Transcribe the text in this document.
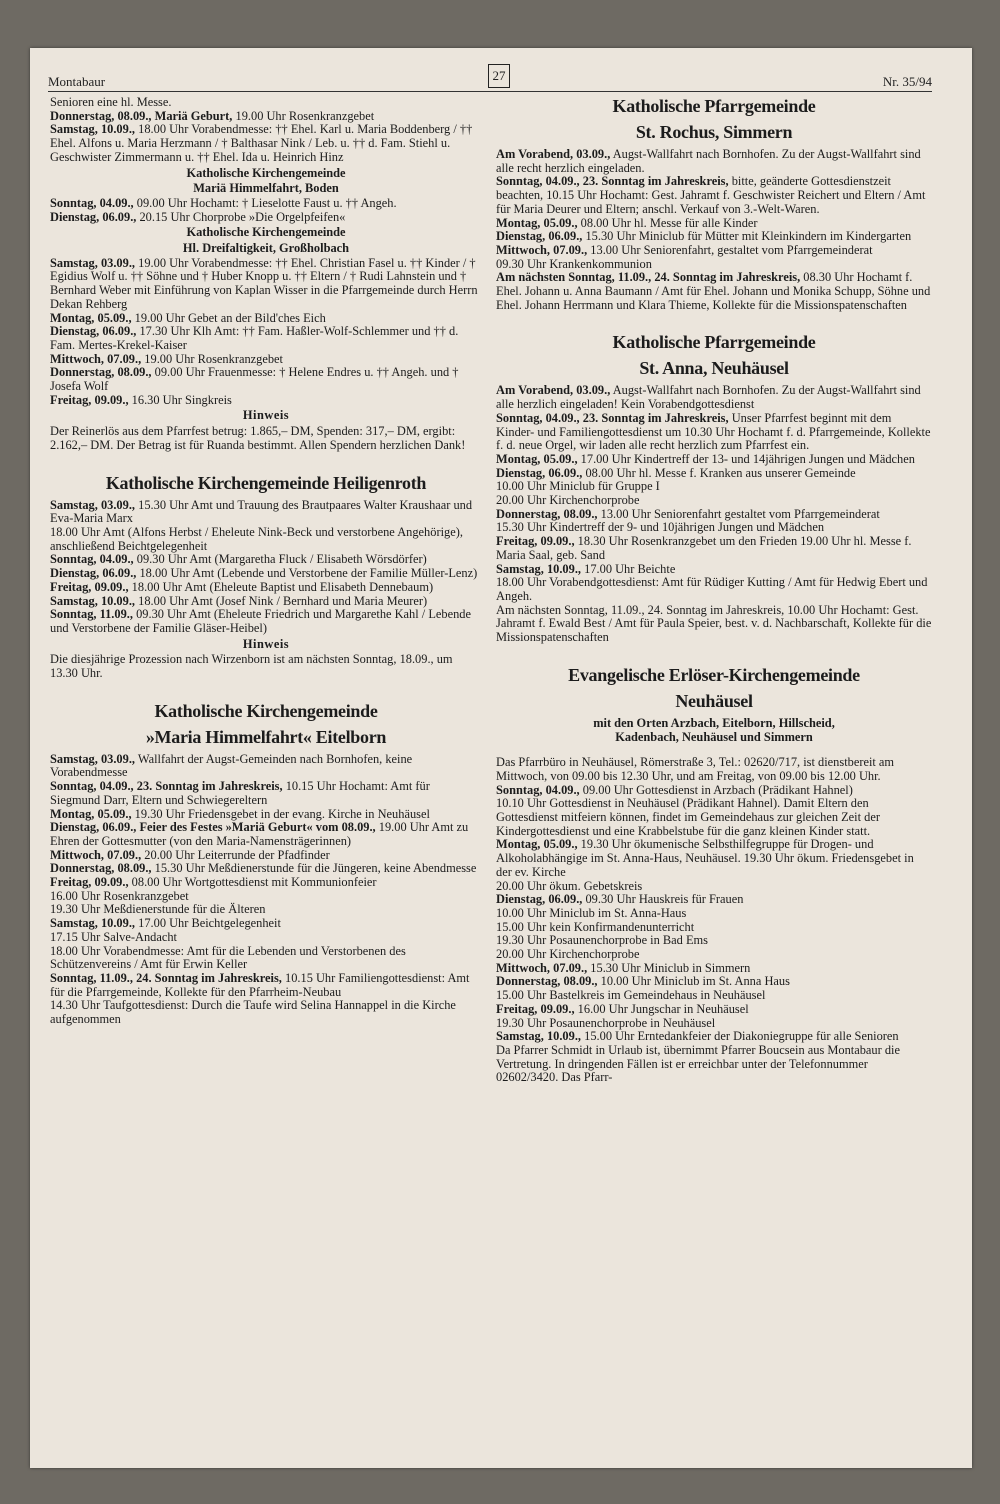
Montabaur	27	Nr. 35/94

Senioren eine hl. Messe.

Donnerstag, 08.09., Mariä Geburt, 19.00 Uhr Rosenkranzgebet

Samstag, 10.09., 18.00 Uhr Vorabendmesse: †† Ehel. Karl u. Maria Boddenberg / †† Ehel. Alfons u. Maria Herzmann / † Balthasar Nink / Leb. u. †† d. Fam. Stiehl u. Geschwister Zimmermann u. †† Ehel. Ida u. Heinrich Hinz

Katholische Kirchengemeinde
Mariä Himmelfahrt, Boden

Sonntag, 04.09., 09.00 Uhr Hochamt: † Lieselotte Faust u. †† Angeh.

Dienstag, 06.09., 20.15 Uhr Chorprobe »Die Orgelpfeifen«

Katholische Kirchengemeinde
Hl. Dreifaltigkeit, Großholbach

Samstag, 03.09., 19.00 Uhr Vorabendmesse: †† Ehel. Christian Fasel u. †† Kinder / † Egidius Wolf u. †† Söhne und † Huber Knopp u. †† Eltern / † Rudi Lahnstein und † Bernhard Weber mit Einführung von Kaplan Wisser in die Pfarrgemeinde durch Herrn Dekan Rehberg

Montag, 05.09., 19.00 Uhr Gebet an der Bild'ches Eich

Dienstag, 06.09., 17.30 Uhr Klh Amt: †† Fam. Haßler-Wolf-Schlemmer und †† d. Fam. Mertes-Krekel-Kaiser

Mittwoch, 07.09., 19.00 Uhr Rosenkranzgebet

Donnerstag, 08.09., 09.00 Uhr Frauenmesse: † Helene Endres u. †† Angeh. und † Josefa Wolf

Freitag, 09.09., 16.30 Uhr Singkreis

Hinweis

Der Reinerlös aus dem Pfarrfest betrug: 1.865,– DM, Spenden: 317,– DM, ergibt: 2.162,– DM. Der Betrag ist für Ruanda bestimmt. Allen Spendern herzlichen Dank!

Katholische Kirchengemeinde Heiligenroth

Samstag, 03.09., 15.30 Uhr Amt und Trauung des Brautpaares Walter Kraushaar und Eva-Maria Marx

18.00 Uhr Amt (Alfons Herbst / Eheleute Nink-Beck und verstorbene Angehörige), anschließend Beichtgelegenheit

Sonntag, 04.09., 09.30 Uhr Amt (Margaretha Fluck / Elisabeth Wörsdörfer)

Dienstag, 06.09., 18.00 Uhr Amt (Lebende und Verstorbene der Familie Müller-Lenz)

Freitag, 09.09., 18.00 Uhr Amt (Eheleute Baptist und Elisabeth Dennebaum)

Samstag, 10.09., 18.00 Uhr Amt (Josef Nink / Bernhard und Maria Meurer)

Sonntag, 11.09., 09.30 Uhr Amt (Eheleute Friedrich und Margarethe Kahl / Lebende und Verstorbene der Familie Gläser-Heibel)

Hinweis

Die diesjährige Prozession nach Wirzenborn ist am nächsten Sonntag, 18.09., um 13.30 Uhr.

Katholische Kirchengemeinde
»Maria Himmelfahrt« Eitelborn

Samstag, 03.09., Wallfahrt der Augst-Gemeinden nach Bornhofen, keine Vorabendmesse

Sonntag, 04.09., 23. Sonntag im Jahreskreis, 10.15 Uhr Hochamt: Amt für Siegmund Darr, Eltern und Schwiegereltern

Montag, 05.09., 19.30 Uhr Friedensgebet in der evang. Kirche in Neuhäusel

Dienstag, 06.09., Feier des Festes »Mariä Geburt« vom 08.09., 19.00 Uhr Amt zu Ehren der Gottesmutter (von den Maria-Namensträgerinnen)

Mittwoch, 07.09., 20.00 Uhr Leiterrunde der Pfadfinder

Donnerstag, 08.09., 15.30 Uhr Meßdienerstunde für die Jüngeren, keine Abendmesse

Freitag, 09.09., 08.00 Uhr Wortgottesdienst mit Kommunionfeier

16.00 Uhr Rosenkranzgebet

19.30 Uhr Meßdienerstunde für die Älteren

Samstag, 10.09., 17.00 Uhr Beichtgelegenheit

17.15 Uhr Salve-Andacht

18.00 Uhr Vorabendmesse: Amt für die Lebenden und Verstorbenen des Schützenvereins / Amt für Erwin Keller

Sonntag, 11.09., 24. Sonntag im Jahreskreis, 10.15 Uhr Familiengottesdienst: Amt für die Pfarrgemeinde, Kollekte für den Pfarrheim-Neubau

14.30 Uhr Taufgottesdienst: Durch die Taufe wird Selina Hannappel in die Kirche aufgenommen

Katholische Pfarrgemeinde
St. Rochus, Simmern

Am Vorabend, 03.09., Augst-Wallfahrt nach Bornhofen. Zu der Augst-Wallfahrt sind alle recht herzlich eingeladen.

Sonntag, 04.09., 23. Sonntag im Jahreskreis, bitte, geänderte Gottesdienstzeit beachten, 10.15 Uhr Hochamt: Gest. Jahramt f. Geschwister Reichert und Eltern / Amt für Maria Deurer und Eltern; anschl. Verkauf von 3.-Welt-Waren.

Montag, 05.09., 08.00 Uhr hl. Messe für alle Kinder

Dienstag, 06.09., 15.30 Uhr Miniclub für Mütter mit Kleinkindern im Kindergarten

Mittwoch, 07.09., 13.00 Uhr Seniorenfahrt, gestaltet vom Pfarrgemeinderat

09.30 Uhr Krankenkommunion

Am nächsten Sonntag, 11.09., 24. Sonntag im Jahreskreis, 08.30 Uhr Hochamt f. Ehel. Johann u. Anna Baumann / Amt für Ehel. Johann und Monika Schupp, Söhne und Ehel. Johann Herrmann und Klara Thieme, Kollekte für die Missionspatenschaften

Katholische Pfarrgemeinde
St. Anna, Neuhäusel

Am Vorabend, 03.09., Augst-Wallfahrt nach Bornhofen. Zu der Augst-Wallfahrt sind alle herzlich eingeladen! Kein Vorabendgottesdienst

Sonntag, 04.09., 23. Sonntag im Jahreskreis, Unser Pfarrfest beginnt mit dem Kinder- und Familiengottesdienst um 10.30 Uhr Hochamt f. d. Pfarrgemeinde, Kollekte f. d. neue Orgel, wir laden alle recht herzlich zum Pfarrfest ein.

Montag, 05.09., 17.00 Uhr Kindertreff der 13- und 14jährigen Jungen und Mädchen

Dienstag, 06.09., 08.00 Uhr hl. Messe f. Kranken aus unserer Gemeinde

10.00 Uhr Miniclub für Gruppe I

20.00 Uhr Kirchenchorprobe

Donnerstag, 08.09., 13.00 Uhr Seniorenfahrt gestaltet vom Pfarrgemeinderat

15.30 Uhr Kindertreff der 9- und 10jährigen Jungen und Mädchen

Freitag, 09.09., 18.30 Uhr Rosenkranzgebet um den Frieden 19.00 Uhr hl. Messe f. Maria Saal, geb. Sand

Samstag, 10.09., 17.00 Uhr Beichte

18.00 Uhr Vorabendgottesdienst: Amt für Rüdiger Kutting / Amt für Hedwig Ebert und Angeh.

Am nächsten Sonntag, 11.09., 24. Sonntag im Jahreskreis, 10.00 Uhr Hochamt: Gest. Jahramt f. Ewald Best / Amt für Paula Speier, best. v. d. Nachbarschaft, Kollekte für die Missionspatenschaften

Evangelische Erlöser-Kirchengemeinde
Neuhäusel
mit den Orten Arzbach, Eitelborn, Hillscheid,
Kadenbach, Neuhäusel und Simmern

Das Pfarrbüro in Neuhäusel, Römerstraße 3, Tel.: 02620/717, ist dienstbereit am Mittwoch, von 09.00 bis 12.30 Uhr, und am Freitag, von 09.00 bis 12.00 Uhr.

Sonntag, 04.09., 09.00 Uhr Gottesdienst in Arzbach (Prädikant Hahnel)

10.10 Uhr Gottesdienst in Neuhäusel (Prädikant Hahnel). Damit Eltern den Gottesdienst mitfeiern können, findet im Gemeindehaus zur gleichen Zeit der Kindergottesdienst und eine Krabbelstube für die ganz kleinen Kinder statt.

Montag, 05.09., 19.30 Uhr ökumenische Selbsthilfegruppe für Drogen- und Alkoholabhängige im St. Anna-Haus, Neuhäusel. 19.30 Uhr ökum. Friedensgebet in der ev. Kirche

20.00 Uhr ökum. Gebetskreis

Dienstag, 06.09., 09.30 Uhr Hauskreis für Frauen

10.00 Uhr Miniclub im St. Anna-Haus

15.00 Uhr kein Konfirmandenunterricht

19.30 Uhr Posaunenchorprobe in Bad Ems

20.00 Uhr Kirchenchorprobe

Mittwoch, 07.09., 15.30 Uhr Miniclub in Simmern

Donnerstag, 08.09., 10.00 Uhr Miniclub im St. Anna Haus

15.00 Uhr Bastelkreis im Gemeindehaus in Neuhäusel

Freitag, 09.09., 16.00 Uhr Jungschar in Neuhäusel

19.30 Uhr Posaunenchorprobe in Neuhäusel

Samstag, 10.09., 15.00 Uhr Erntedankfeier der Diakoniegruppe für alle Senioren

Da Pfarrer Schmidt in Urlaub ist, übernimmt Pfarrer Boucsein aus Montabaur die Vertretung. In dringenden Fällen ist er erreichbar unter der Telefonnummer 02602/3420. Das Pfarr-
